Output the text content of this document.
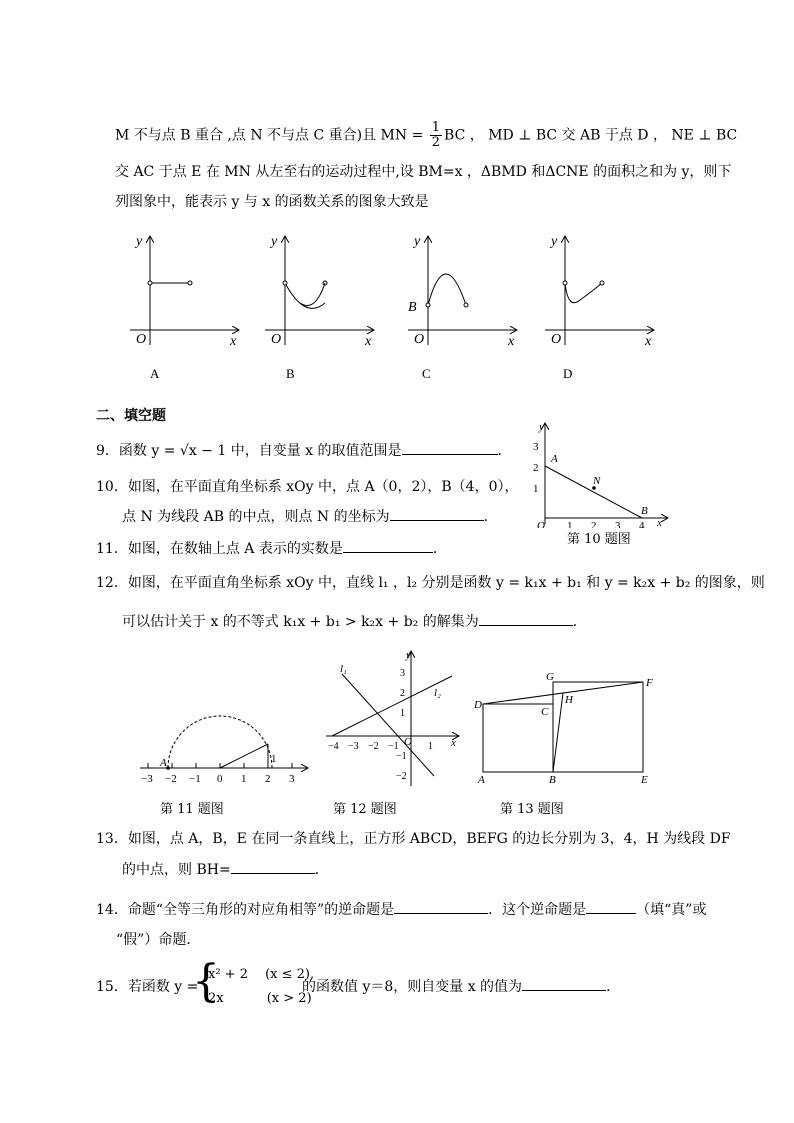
M 不与点 B 重合 ,点 N 不与点 C 重合)且 MN = $\frac{1}{2}$ BC ， MD ⊥ BC 交 AB 于点 D ， NE ⊥ BC
交 AC 于点 E 在 MN 从左至右的运动过程中,设 BM=x ，ΔBMD 和ΔCNE 的面积之和为 y，则下
列图象中，能表示 y 与 x 的函数关系的图象大致是
y
x
O
A
y
x
O
B
y
x
O
B
C
y
x
O
D
二、填空题
9．函数 y = √x − 1 中，自变量 x 的取值范围是	．
10．如图，在平面直角坐标系 xOy 中，点 A（0，2），B（4，0），
点 N 为线段 AB 的中点，则点 N 的坐标为	．
11．如图，在数轴上点 A 表示的实数是	．
3
2
1
1 2 3 4
A
N
B
O	x
y
第 10 题图
12．如图，在平面直角坐标系 xOy 中，直线 l₁ ，l₂ 分别是函数 y = k₁x + b₁ 和 y = k₂x + b₂ 的图象，则
可以估计关于 x 的不等式 k₁x + b₁ > k₂x + b₂ 的解集为	．
−3 −2 −1 0 1 2 3
A	1
第 11 题图
−4 −3 −2 −1 O 1
3
2
1
−1
−2
l₁
l₂
x
y
第 12 题图
A	B	E
D
C
G	F
H
第 13 题图
13．如图，点 A，B，E 在同一条直线上，正方形 ABCD，BEFG 的边长分别为 3，4，H 为线段 DF
的中点，则 BH=	．
14．命题“全等三角形的对应角相等”的逆命题是	．这个逆命题是	（填“真”或
“假”）命题．
15．若函数 y =
{
x² + 2　 (x ≤ 2),
2x　　　 (x > 2)
的函数值 y＝8，则自变量 x 的值为	．
